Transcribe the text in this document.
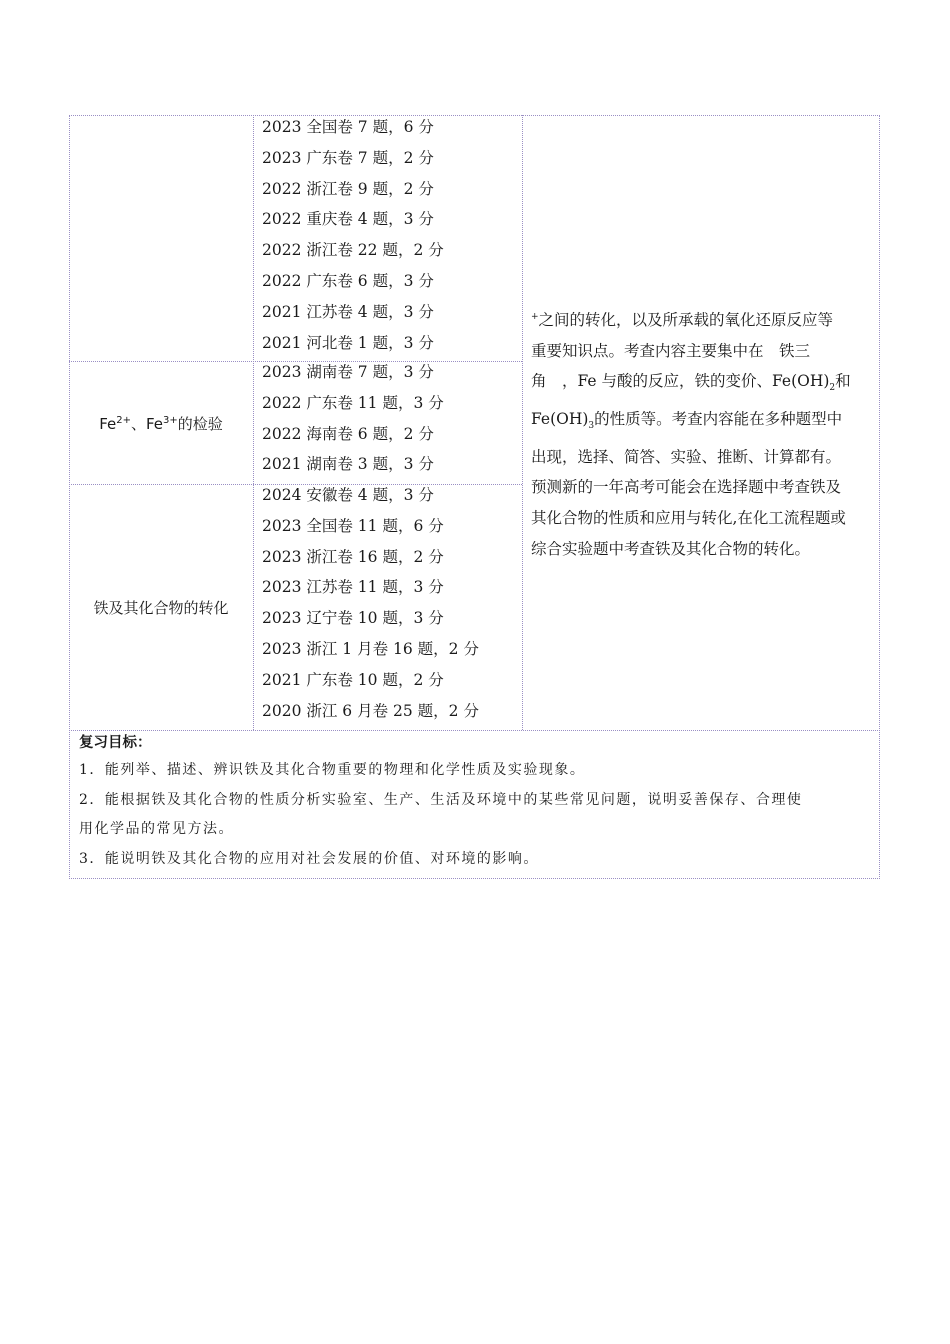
$Fe^{2+}$、$Fe^{3+}$的检验
铁及其化合物的转化
2023 全国卷 7 题，6 分
2023 广东卷 7 题，2 分
2022 浙江卷 9 题，2 分
2022 重庆卷 4 题，3 分
2022 浙江卷 22 题，2 分
2022 广东卷 6 题，3 分
2021 江苏卷 4 题，3 分
2021 河北卷 1 题，3 分
2023 湖南卷 7 题，3 分
2022 广东卷 11 题，3 分
2022 海南卷 6 题，2 分
2021 湖南卷 3 题，3 分
2024 安徽卷 4 题，3 分
2023 全国卷 11 题，6 分
2023 浙江卷 16 题，2 分
2023 江苏卷 11 题，3 分
2023 辽宁卷 10 题，3 分
2023 浙江 1 月卷 16 题，2 分
2021 广东卷 10 题，2 分
2020 浙江 6 月卷 25 题，2 分

+之间的转化，以及所承载的氧化还原反应等

重要知识点。考查内容主要集中在　铁三

角　，Fe 与酸的反应，铁的变价、$Fe(OH)_2$和

$Fe(OH)_3$的性质等。考查内容能在多种题型中

出现，选择、简答、实验、推断、计算都有。

预测新的一年高考可能会在选择题中考查铁及

其化合物的性质和应用与转化,在化工流程题或

综合实验题中考查铁及其化合物的转化。

复习目标：

1．能列举、描述、辨识铁及其化合物重要的物理和化学性质及实验现象。

2．能根据铁及其化合物的性质分析实验室、生产、生活及环境中的某些常见问题，说明妥善保存、合理使

用化学品的常见方法。

3．能说明铁及其化合物的应用对社会发展的价值、对环境的影响。
